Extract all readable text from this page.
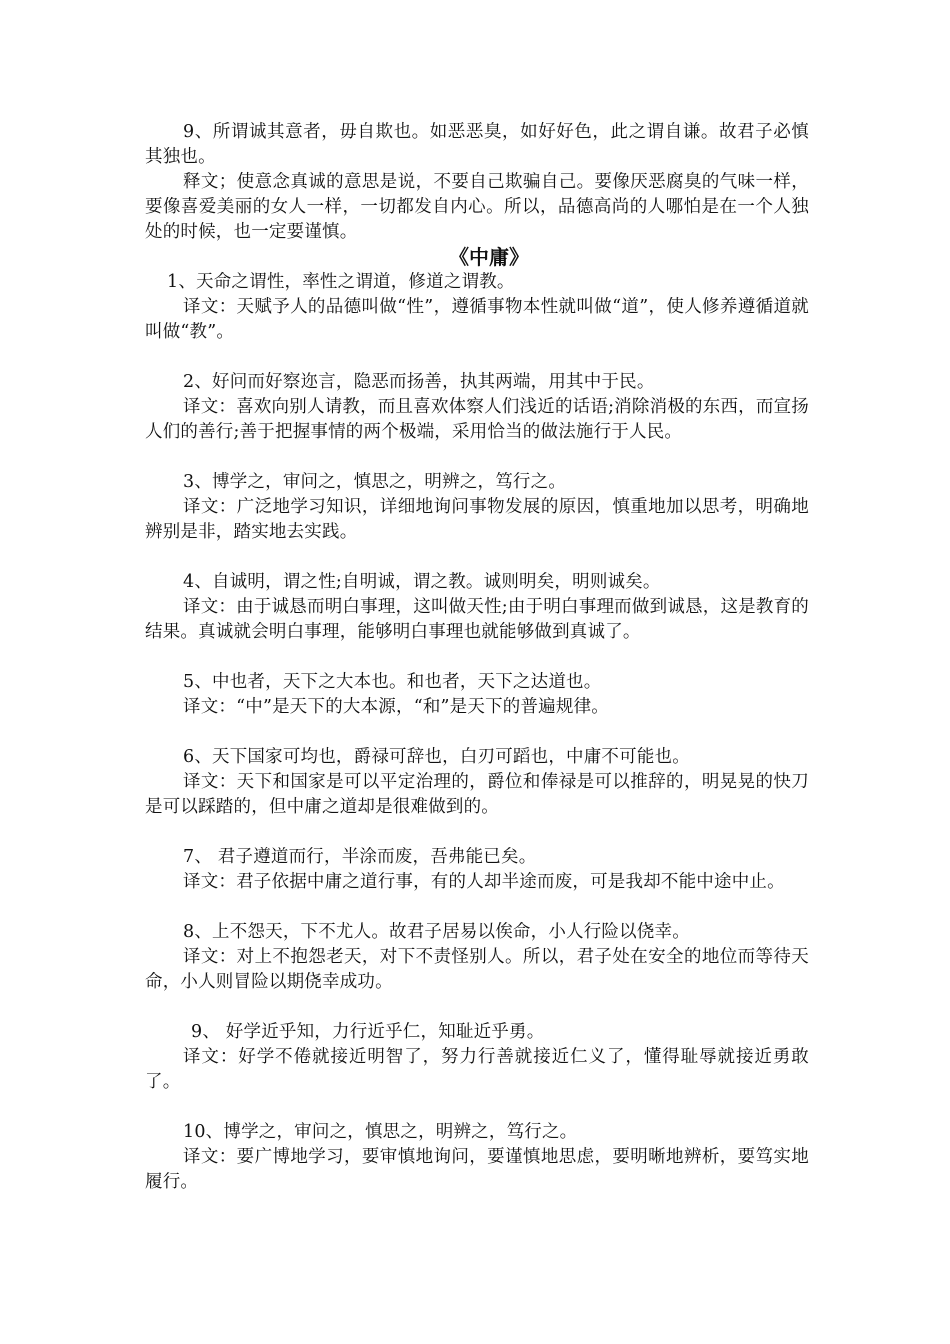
9、所谓诚其意者，毋自欺也。如恶恶臭，如好好色，此之谓自谦。故君子必慎其独也。

释文；使意念真诚的意思是说，不要自己欺骗自己。要像厌恶腐臭的气味一样，要像喜爱美丽的女人一样，一切都发自内心。所以，品德高尚的人哪怕是在一个人独处的时候，也一定要谨慎。

《中庸》

1、天命之谓性，率性之谓道，修道之谓教。

译文：天赋予人的品德叫做“性”，遵循事物本性就叫做“道”，使人修养遵循道就叫做“教”。

2、好问而好察迩言，隐恶而扬善，执其两端，用其中于民。

译文：喜欢向别人请教，而且喜欢体察人们浅近的话语;消除消极的东西，而宣扬人们的善行;善于把握事情的两个极端，采用恰当的做法施行于人民。

3、博学之，审问之，慎思之，明辨之，笃行之。

译文：广泛地学习知识，详细地询问事物发展的原因，慎重地加以思考，明确地辨别是非，踏实地去实践。

4、自诚明，谓之性;自明诚，谓之教。诚则明矣，明则诚矣。

译文：由于诚恳而明白事理，这叫做天性;由于明白事理而做到诚恳，这是教育的结果。真诚就会明白事理，能够明白事理也就能够做到真诚了。

5、中也者，天下之大本也。和也者，天下之达道也。

译文：“中”是天下的大本源，“和”是天下的普遍规律。

6、天下国家可均也，爵禄可辞也，白刃可蹈也，中庸不可能也。

译文：天下和国家是可以平定治理的，爵位和俸禄是可以推辞的，明晃晃的快刀是可以踩踏的，但中庸之道却是很难做到的。

7、 君子遵道而行，半涂而废，吾弗能已矣。

译文：君子依据中庸之道行事，有的人却半途而废，可是我却不能中途中止。

8、上不怨天，下不尤人。故君子居易以俟命，小人行险以侥幸。

译文：对上不抱怨老天，对下不责怪别人。所以，君子处在安全的地位而等待天命，小人则冒险以期侥幸成功。

9、 好学近乎知，力行近乎仁，知耻近乎勇。

译文：好学不倦就接近明智了，努力行善就接近仁义了，懂得耻辱就接近勇敢了。

10、博学之，审问之，慎思之，明辨之，笃行之。

译文：要广博地学习，要审慎地询问，要谨慎地思虑，要明晰地辨析，要笃实地履行。
